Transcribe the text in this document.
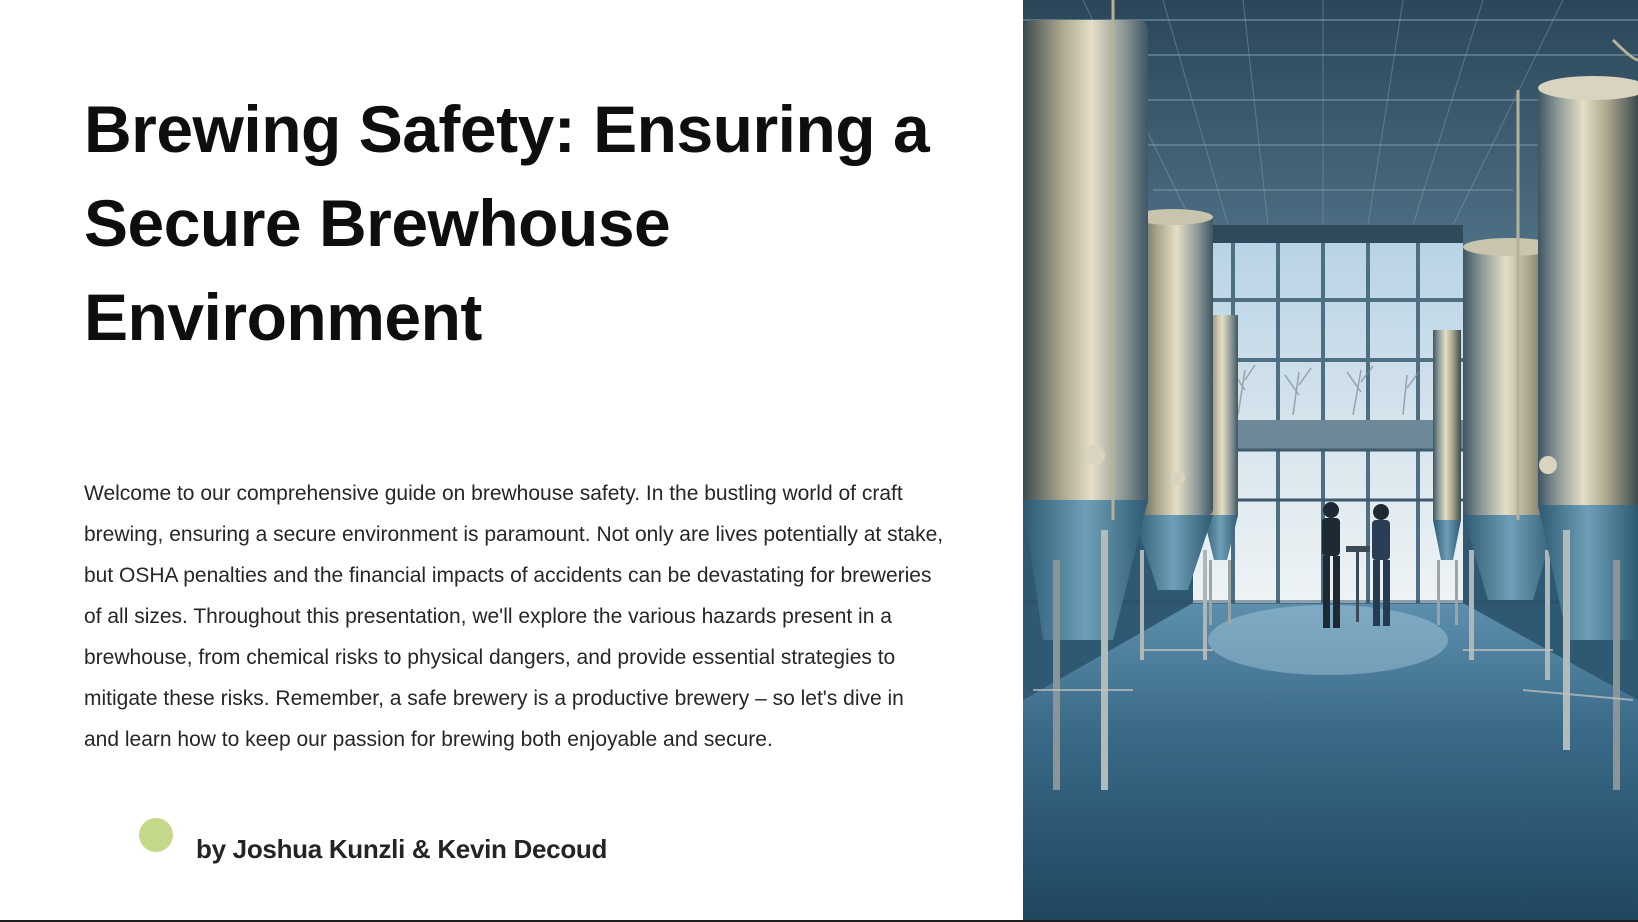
Brewing Safety: Ensuring a Secure Brewhouse Environment

Welcome to our comprehensive guide on brewhouse safety. In the bustling world of craft brewing, ensuring a secure environment is paramount. Not only are lives potentially at stake, but OSHA penalties and the financial impacts of accidents can be devastating for breweries of all sizes. Throughout this presentation, we'll explore the various hazards present in a brewhouse, from chemical risks to physical dangers, and provide essential strategies to mitigate these risks. Remember, a safe brewery is a productive brewery – so let's dive in and learn how to keep our passion for brewing both enjoyable and secure.

by Joshua Kunzli & Kevin Decoud
